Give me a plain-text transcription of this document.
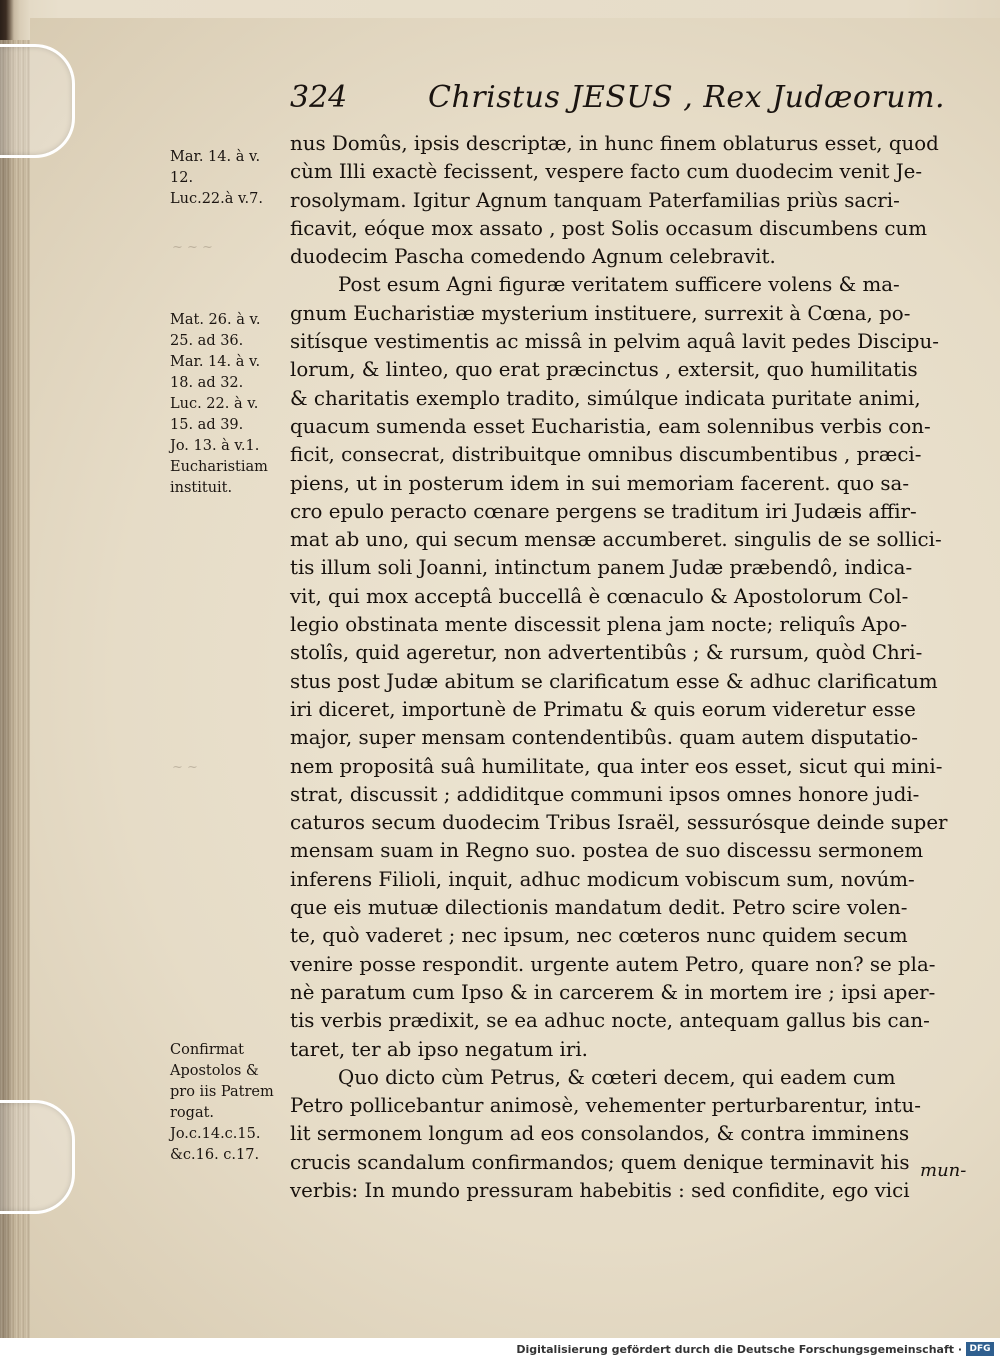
~ ~ ~
~ ~
324	Christus JESUS , Rex Judæorum.
Mar. 14. à v.
12.
Luc.22.à v.7.
Mat. 26. à v.
25. ad 36.
Mar. 14. à v.
18. ad 32.
Luc. 22. à v.
15. ad 39.
Jo. 13. à v.1.
Eucharistiam
instituit.
Confirmat
Apostolos &
pro iis Patrem
rogat.
Jo.c.14.c.15.
&c.16. c.17.
nus Domûs, ipsis descriptæ, in hunc finem oblaturus esset, quod
cùm Illi exactè fecissent, vespere facto cum duodecim venit Je-
rosolymam. Igitur Agnum tanquam Paterfamilias priùs sacri-
ficavit, eóque mox assato , post Solis occasum discumbens cum
duodecim Pascha comedendo Agnum celebravit.
Post esum Agni figuræ veritatem sufficere volens & ma-
gnum Eucharistiæ mysterium instituere, surrexit à Cœna, po-
sitísque vestimentis ac missâ in pelvim aquâ lavit pedes Discipu-
lorum, & linteo, quo erat præcinctus , extersit, quo humilitatis
& charitatis exemplo tradito, simúlque indicata puritate animi,
quacum sumenda esset Eucharistia, eam solennibus verbis con-
ficit, consecrat, distribuitque omnibus discumbentibus , præci-
piens, ut in posterum idem in sui memoriam facerent. quo sa-
cro epulo peracto cœnare pergens se traditum iri Judæis affir-
mat ab uno, qui secum mensæ accumberet. singulis de se sollici-
tis illum soli Joanni, intinctum panem Judæ præbendô, indica-
vit, qui mox acceptâ buccellâ è cœnaculo & Apostolorum Col-
legio obstinata mente discessit plena jam nocte; reliquîs Apo-
stolîs, quid ageretur, non advertentibûs ; & rursum, quòd Chri-
stus post Judæ abitum se clarificatum esse & adhuc clarificatum
iri diceret, importunè de Primatu & quis eorum videretur esse
major, super mensam contendentibûs. quam autem disputatio-
nem propositâ suâ humilitate, qua inter eos esset, sicut qui mini-
strat, discussit ; addiditque communi ipsos omnes honore judi-
caturos secum duodecim Tribus Israël, sessurósque deinde super
mensam suam in Regno suo. postea de suo discessu sermonem
inferens Filioli, inquit, adhuc modicum vobiscum sum, novúm-
que eis mutuæ dilectionis mandatum dedit. Petro scire volen-
te, quò vaderet ; nec ipsum, nec cœteros nunc quidem secum
venire posse respondit. urgente autem Petro, quare non? se pla-
nè paratum cum Ipso & in carcerem & in mortem ire ; ipsi aper-
tis verbis prædixit, se ea adhuc nocte, antequam gallus bis can-
taret, ter ab ipso negatum iri.
Quo dicto cùm Petrus, & cœteri decem, qui eadem cum
Petro pollicebantur animosè, vehementer perturbarentur, intu-
lit sermonem longum ad eos consolandos, & contra imminens
crucis scandalum confirmandos; quem denique terminavit his
verbis: In mundo pressuram habebitis : sed confidite, ego vici
mun-
Digitalisierung gefördert durch die Deutsche Forschungsgemeinschaft · DFG
